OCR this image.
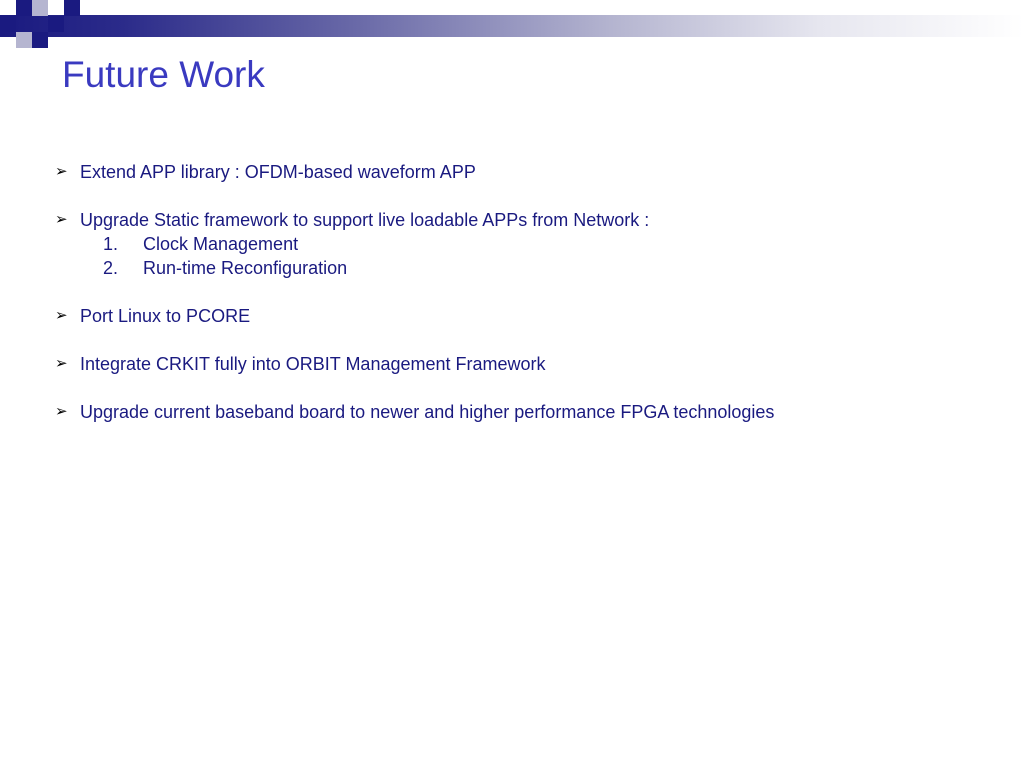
Future Work
➢ Extend APP library : OFDM-based waveform APP
➢ Upgrade Static framework to support live loadable APPs from Network :
1. Clock Management
2. Run-time Reconfiguration
➢ Port Linux to PCORE
➢ Integrate CRKIT fully into ORBIT Management Framework
➢ Upgrade current baseband board to newer and higher performance FPGA technologies
